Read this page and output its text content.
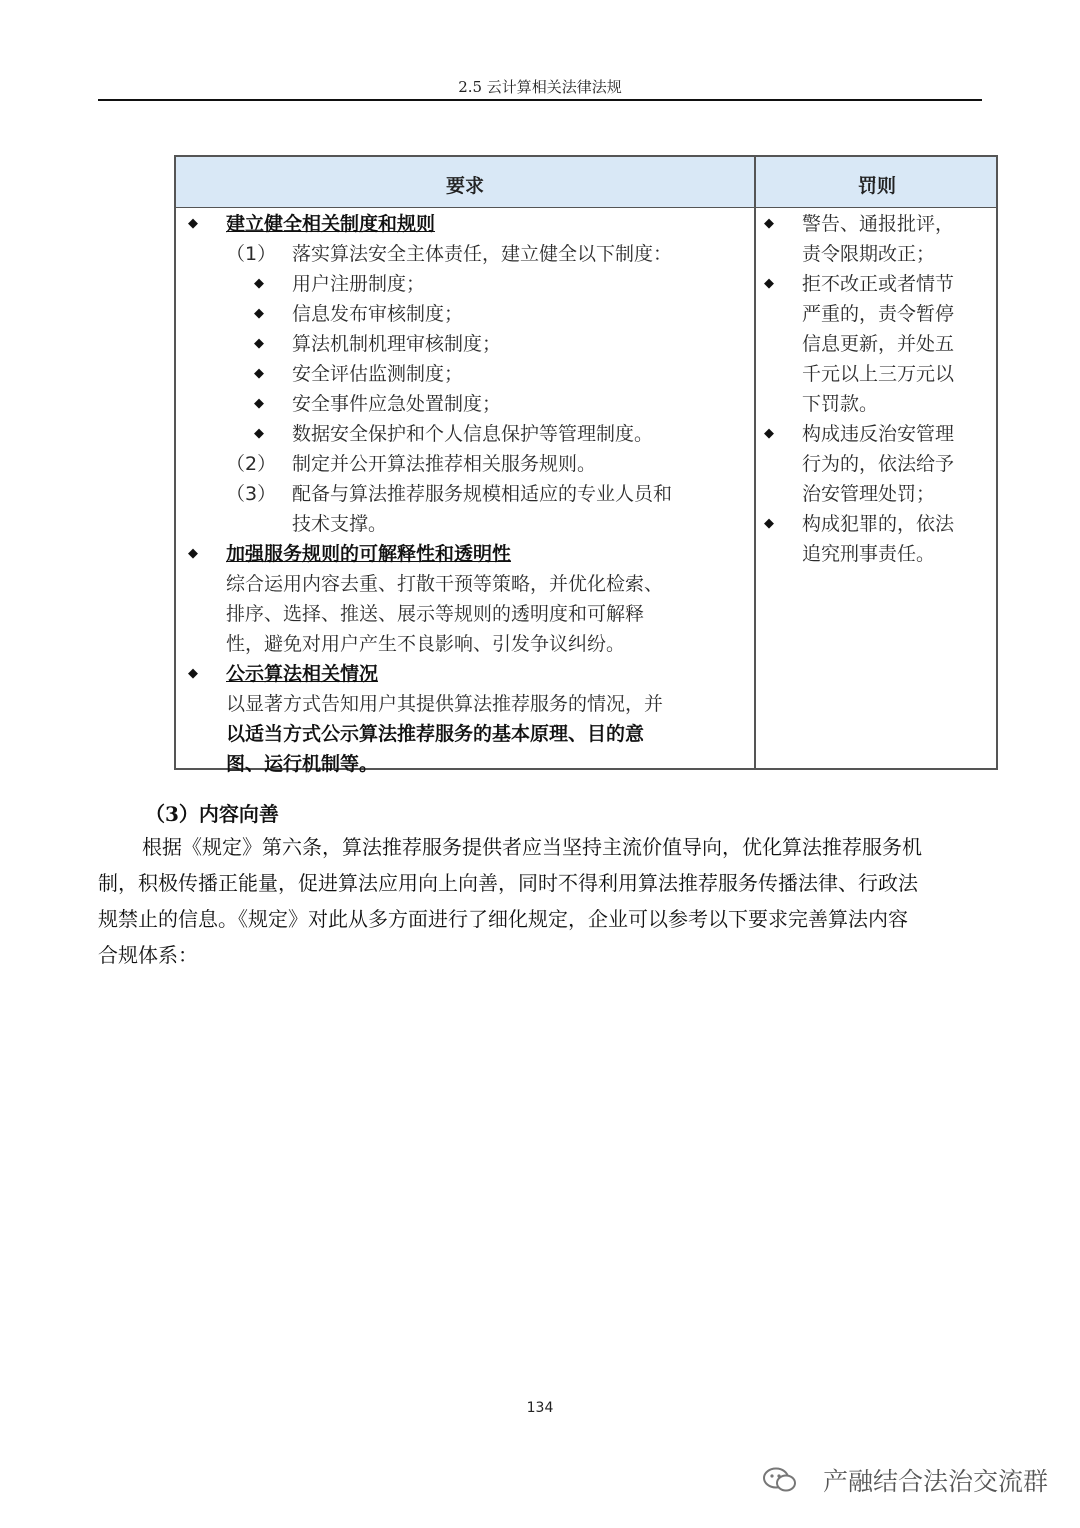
2.5 云计算相关法律法规
要求	罚则
◆ 建立健全相关制度和规则
（1） 落实算法安全主体责任，建立健全以下制度：
◆ 用户注册制度；
◆ 信息发布审核制度；
◆ 算法机制机理审核制度；
◆ 安全评估监测制度；
◆ 安全事件应急处置制度；
◆ 数据安全保护和个人信息保护等管理制度。
（2） 制定并公开算法推荐相关服务规则。
（3） 配备与算法推荐服务规模相适应的专业人员和
技术支撑。
◆ 加强服务规则的可解释性和透明性
综合运用内容去重、打散干预等策略，并优化检索、
排序、选择、推送、展示等规则的透明度和可解释
性，避免对用户产生不良影响、引发争议纠纷。
◆ 公示算法相关情况
以显著方式告知用户其提供算法推荐服务的情况，并
以适当方式公示算法推荐服务的基本原理、目的意
图、运行机制等。
◆ 警告、通报批评，
责令限期改正；
◆ 拒不改正或者情节
严重的，责令暂停
信息更新，并处五
千元以上三万元以
下罚款。
◆ 构成违反治安管理
行为的，依法给予
治安管理处罚；
◆ 构成犯罪的，依法
追究刑事责任。
（3）内容向善
根据《规定》第六条，算法推荐服务提供者应当坚持主流价值导向，优化算法推荐服务机
制，积极传播正能量，促进算法应用向上向善，同时不得利用算法推荐服务传播法律、行政法
规禁止的信息。《规定》对此从多方面进行了细化规定，企业可以参考以下要求完善算法内容
合规体系：
134
产融结合法治交流群
